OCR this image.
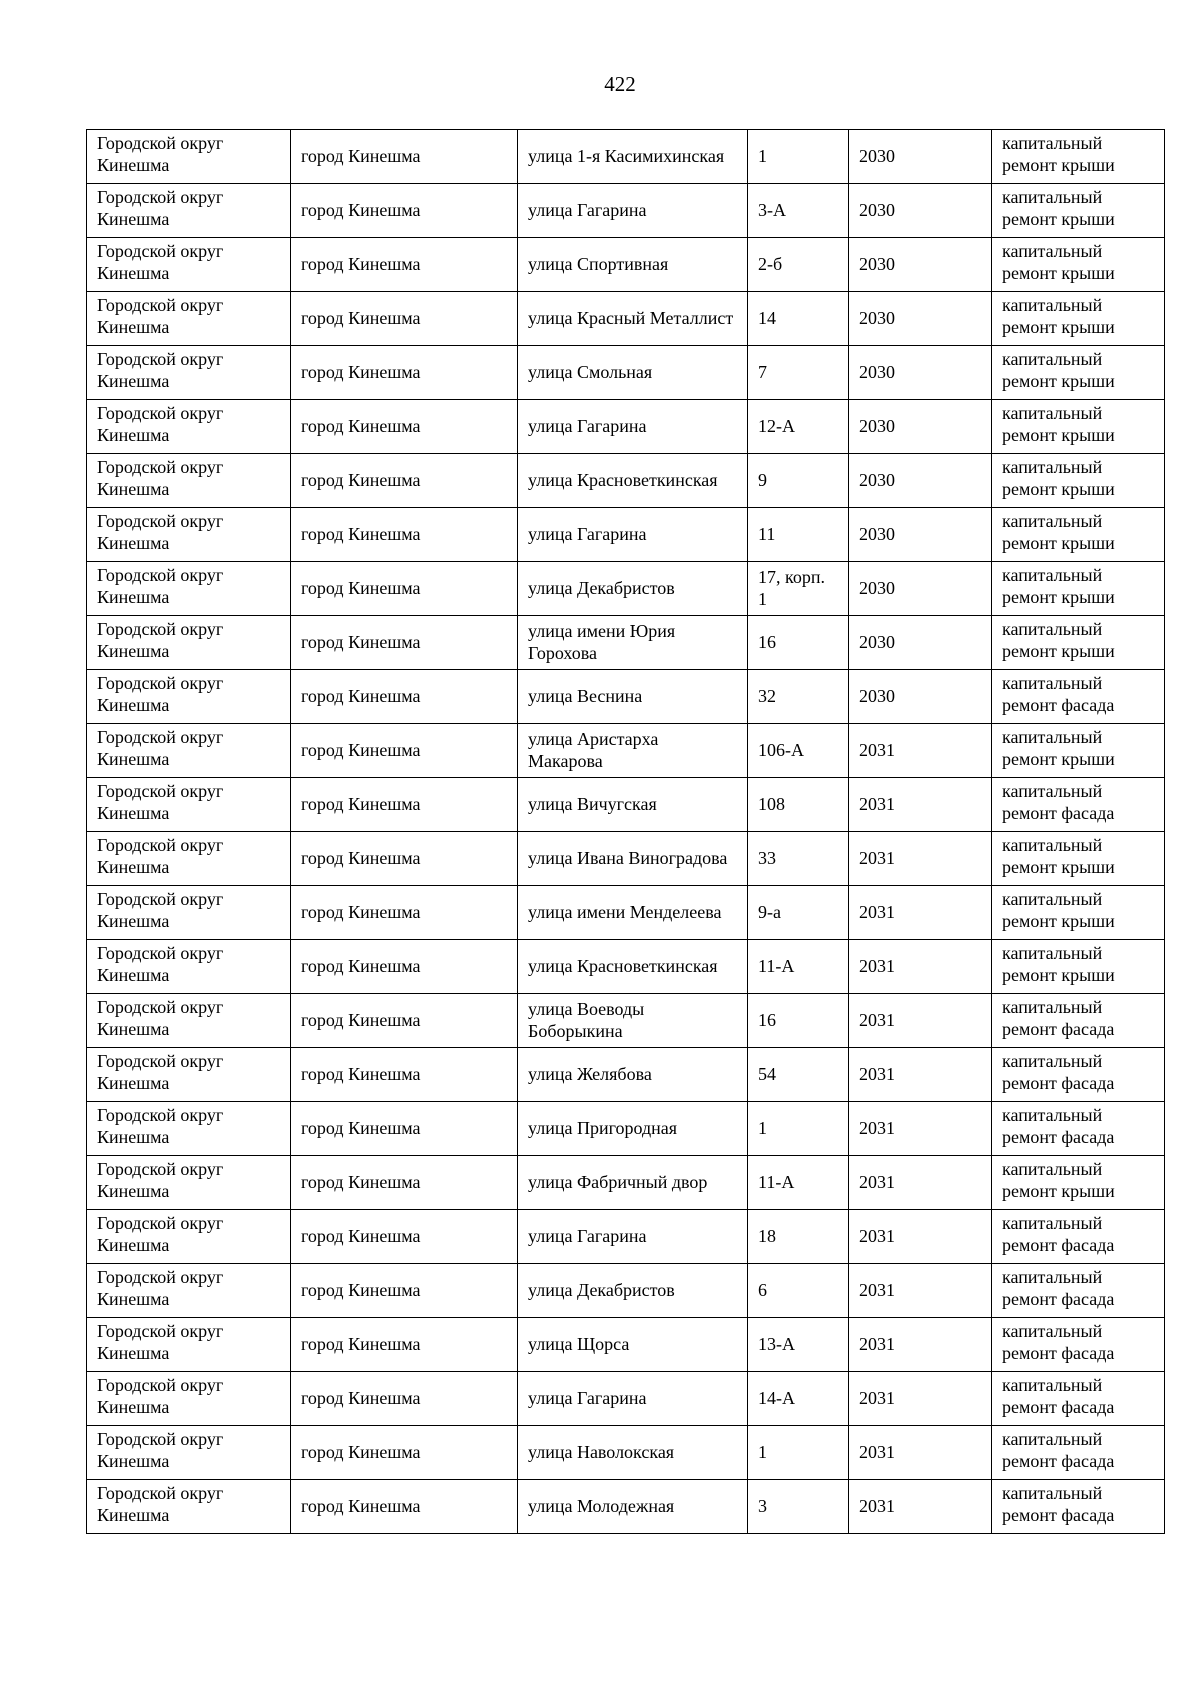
422
Городской округ Кинешма	город Кинешма	улица 1-я Касимихинская	1	2030	капитальный ремонт крыши
Городской округ Кинешма	город Кинешма	улица Гагарина	3-А	2030	капитальный ремонт крыши
Городской округ Кинешма	город Кинешма	улица Спортивная	2-б	2030	капитальный ремонт крыши
Городской округ Кинешма	город Кинешма	улица Красный Металлист	14	2030	капитальный ремонт крыши
Городской округ Кинешма	город Кинешма	улица Смольная	7	2030	капитальный ремонт крыши
Городской округ Кинешма	город Кинешма	улица Гагарина	12-А	2030	капитальный ремонт крыши
Городской округ Кинешма	город Кинешма	улица Красноветкинская	9	2030	капитальный ремонт крыши
Городской округ Кинешма	город Кинешма	улица Гагарина	11	2030	капитальный ремонт крыши
Городской округ Кинешма	город Кинешма	улица Декабристов	17, корп. 1	2030	капитальный ремонт крыши
Городской округ Кинешма	город Кинешма	улица имени Юрия Горохова	16	2030	капитальный ремонт крыши
Городской округ Кинешма	город Кинешма	улица Веснина	32	2030	капитальный ремонт фасада
Городской округ Кинешма	город Кинешма	улица Аристарха Макарова	106-А	2031	капитальный ремонт крыши
Городской округ Кинешма	город Кинешма	улица Вичугская	108	2031	капитальный ремонт фасада
Городской округ Кинешма	город Кинешма	улица Ивана Виноградова	33	2031	капитальный ремонт крыши
Городской округ Кинешма	город Кинешма	улица имени Менделеева	9-а	2031	капитальный ремонт крыши
Городской округ Кинешма	город Кинешма	улица Красноветкинская	11-А	2031	капитальный ремонт крыши
Городской округ Кинешма	город Кинешма	улица Воеводы Боборыкина	16	2031	капитальный ремонт фасада
Городской округ Кинешма	город Кинешма	улица Желябова	54	2031	капитальный ремонт фасада
Городской округ Кинешма	город Кинешма	улица Пригородная	1	2031	капитальный ремонт фасада
Городской округ Кинешма	город Кинешма	улица Фабричный двор	11-А	2031	капитальный ремонт крыши
Городской округ Кинешма	город Кинешма	улица Гагарина	18	2031	капитальный ремонт фасада
Городской округ Кинешма	город Кинешма	улица Декабристов	6	2031	капитальный ремонт фасада
Городской округ Кинешма	город Кинешма	улица Щорса	13-А	2031	капитальный ремонт фасада
Городской округ Кинешма	город Кинешма	улица Гагарина	14-А	2031	капитальный ремонт фасада
Городской округ Кинешма	город Кинешма	улица Наволокская	1	2031	капитальный ремонт фасада
Городской округ Кинешма	город Кинешма	улица Молодежная	3	2031	капитальный ремонт фасада
